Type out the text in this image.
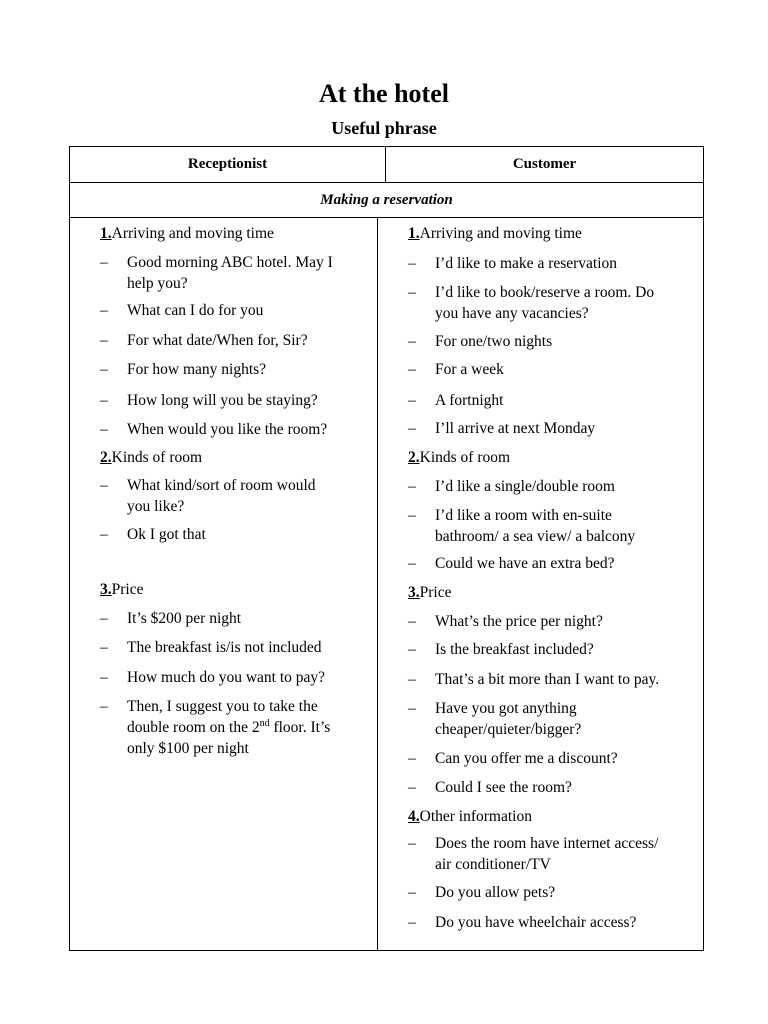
At the hotel
Useful phrase
Receptionist	Customer
Making a reservation
1.Arriving and moving time
– Good morning ABC hotel. May I
help you?
– What can I do for you
– For what date/When for, Sir?
– For how many nights?
– How long will you be staying?
– When would you like the room?
2.Kinds of room
– What kind/sort of room would
you like?
– Ok I got that
3.Price
– It’s $200 per night
– The breakfast is/is not included
– How much do you want to pay?
– Then, I suggest you to take the
double room on the 2nd floor. It’s
only $100 per night
1.Arriving and moving time
– I’d like to make a reservation
– I’d like to book/reserve a room. Do
you have any vacancies?
– For one/two nights
– For a week
– A fortnight
– I’ll arrive at next Monday
2.Kinds of room
– I’d like a single/double room
– I’d like a room with en-suite
bathroom/ a sea view/ a balcony
– Could we have an extra bed?
3.Price
– What’s the price per night?
– Is the breakfast included?
– That’s a bit more than I want to pay.
– Have you got anything
cheaper/quieter/bigger?
– Can you offer me a discount?
– Could I see the room?
4.Other information
– Does the room have internet access/
air conditioner/TV
– Do you allow pets?
– Do you have wheelchair access?
